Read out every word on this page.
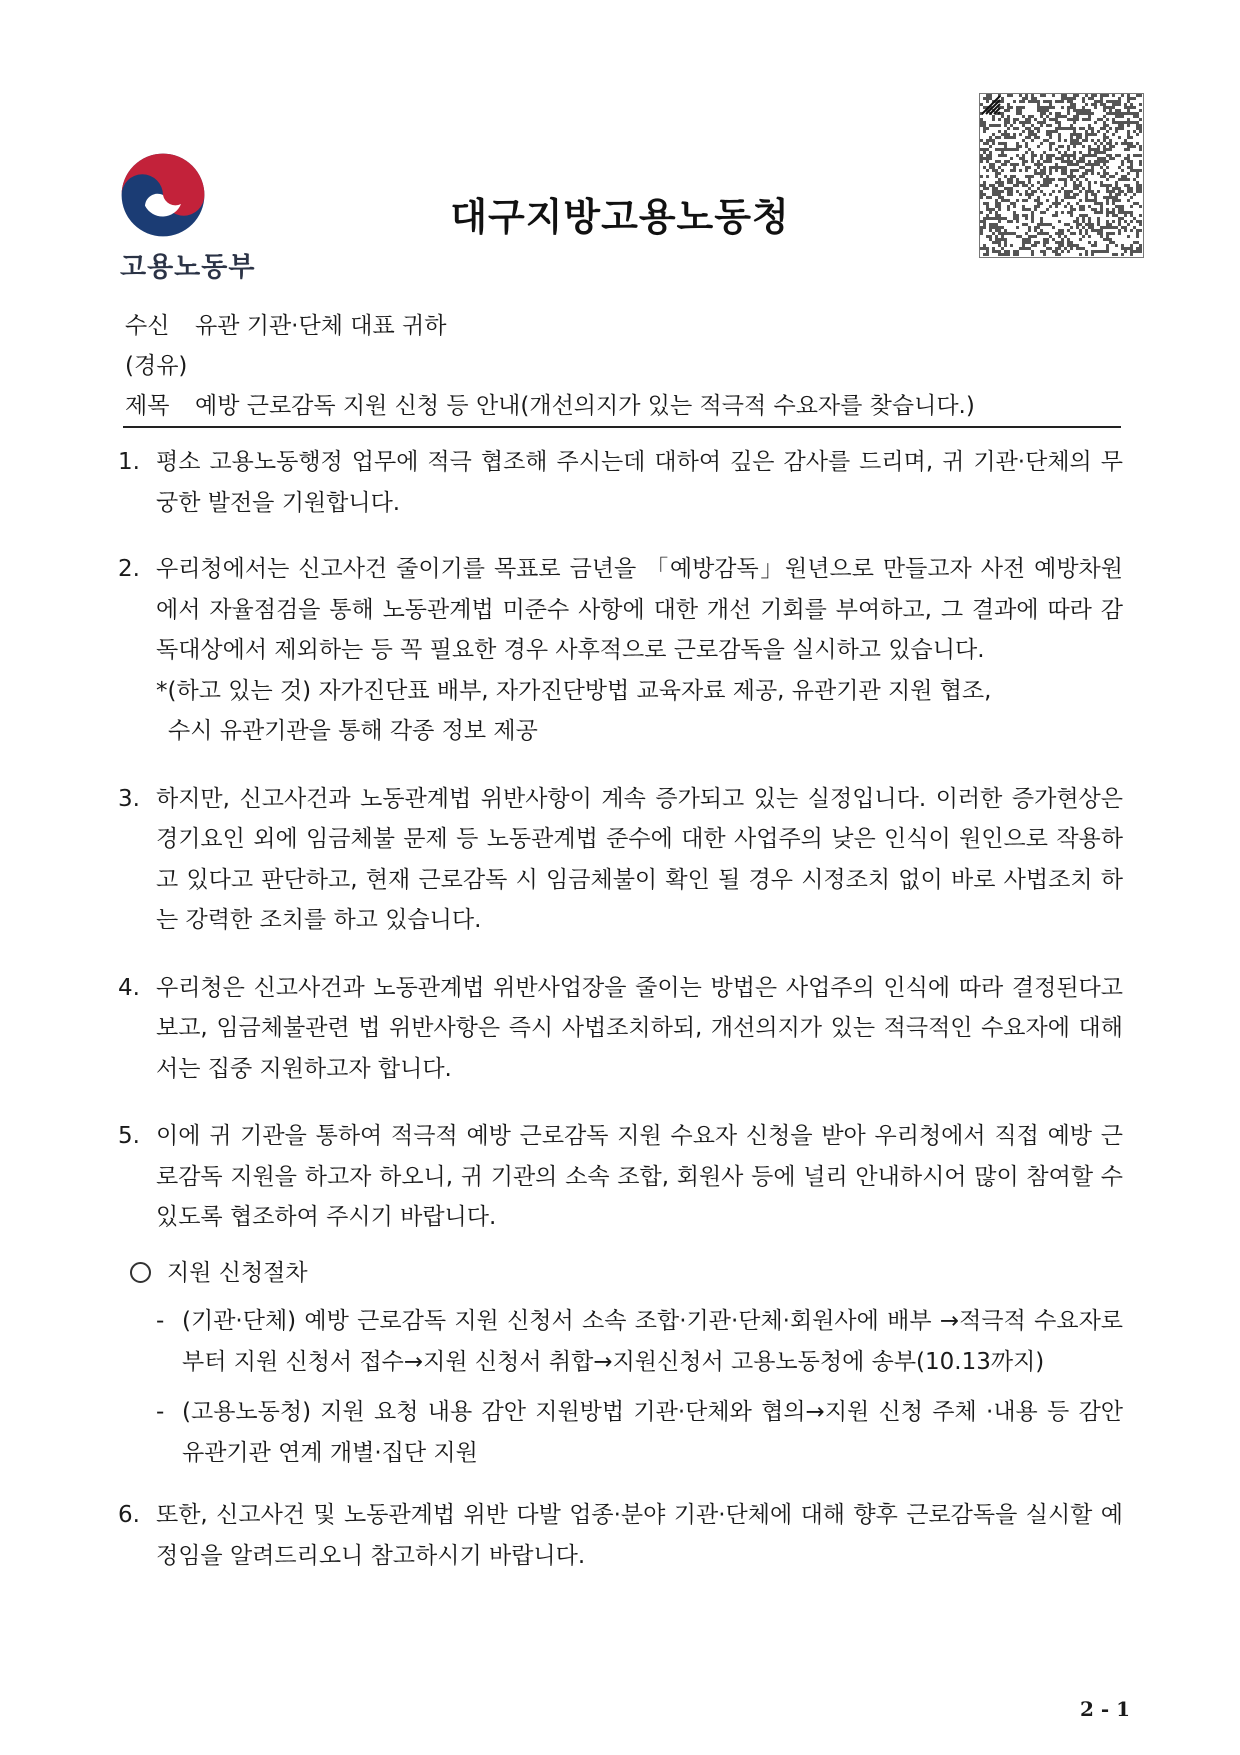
고용노동부
대구지방고용노동청
수신 유관 기관·단체 대표 귀하
(경유)
제목 예방 근로감독 지원 신청 등 안내(개선의지가 있는 적극적 수요자를 찾습니다.)
1. 평소 고용노동행정 업무에 적극 협조해 주시는데 대하여 깊은 감사를 드리며, 귀 기관·단체의 무궁한 발전을 기원합니다.
2. 우리청에서는 신고사건 줄이기를 목표로 금년을 「예방감독」원년으로 만들고자 사전 예방차원에서 자율점검을 통해 노동관계법 미준수 사항에 대한 개선 기회를 부여하고, 그 결과에 따라 감독대상에서 제외하는 등 꼭 필요한 경우 사후적으로 근로감독을 실시하고 있습니다.
*(하고 있는 것) 자가진단표 배부, 자가진단방법 교육자료 제공, 유관기관 지원 협조,
수시 유관기관을 통해 각종 정보 제공
3. 하지만, 신고사건과 노동관계법 위반사항이 계속 증가되고 있는 실정입니다. 이러한 증가현상은 경기요인 외에 임금체불 문제 등 노동관계법 준수에 대한 사업주의 낮은 인식이 원인으로 작용하고 있다고 판단하고, 현재 근로감독 시 임금체불이 확인 될 경우 시정조치 없이 바로 사법조치 하는 강력한 조치를 하고 있습니다.
4. 우리청은 신고사건과 노동관계법 위반사업장을 줄이는 방법은 사업주의 인식에 따라 결정된다고 보고, 임금체불관련 법 위반사항은 즉시 사법조치하되, 개선의지가 있는 적극적인 수요자에 대해서는 집중 지원하고자 합니다.
5. 이에 귀 기관을 통하여 적극적 예방 근로감독 지원 수요자 신청을 받아 우리청에서 직접 예방 근로감독 지원을 하고자 하오니, 귀 기관의 소속 조합, 회원사 등에 널리 안내하시어 많이 참여할 수 있도록 협조하여 주시기 바랍니다.
지원 신청절차
- (기관·단체) 예방 근로감독 지원 신청서 소속 조합·기관·단체·회원사에 배부 →적극적 수요자로부터 지원 신청서 접수→지원 신청서 취합→지원신청서 고용노동청에 송부(10.13까지)
- (고용노동청) 지원 요청 내용 감안 지원방법 기관·단체와 협의→지원 신청 주체 ·내용 등 감안 유관기관 연계 개별·집단 지원
6. 또한, 신고사건 및 노동관계법 위반 다발 업종·분야 기관·단체에 대해 향후 근로감독을 실시할 예정임을 알려드리오니 참고하시기 바랍니다.
2 - 1
